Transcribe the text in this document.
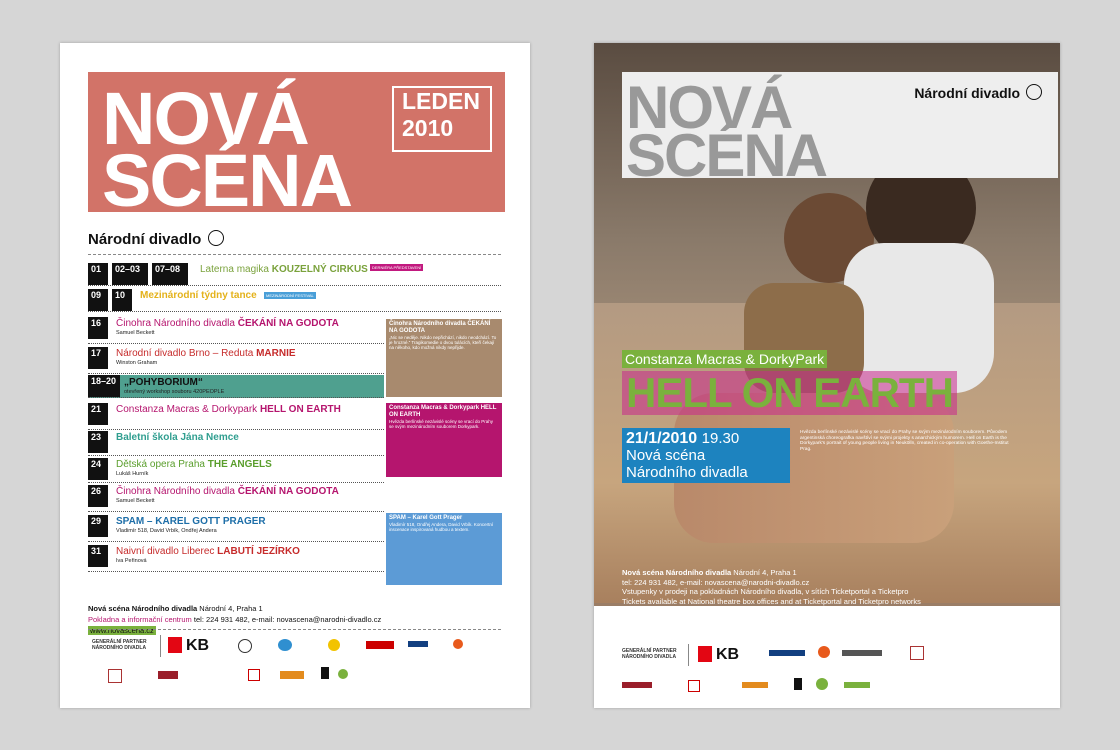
NOVÁ
SCÉNA
LEDEN
2010
Národní divadlo
01	02–03	07–08	Laterna magika KOUZELNÝ CIRKUS	DERNIÉRA PŘEDSTAVENÍ
09	10	Mezinárodní týdny tance	MEZINÁRODNÍ FESTIVAL
16	Činohra Národního divadla ČEKÁNÍ NA GODOTA
Samuel Beckett
17	Národní divadlo Brno – Reduta MARNIE
Winston Graham
18–20 „POHYBORIUM“
otevřený workshop souboru 420PEOPLE
21	Constanza Macras & Dorkypark HELL ON EARTH
23	Baletní škola Jána Nemce
24	Dětská opera Praha THE ANGELS
Lukáš Hurník
26	Činohra Národního divadla ČEKÁNÍ NA GODOTA
Samuel Beckett
29	SPAM – KAREL GOTT PRAGER
Vladimír 518, David Vrbík, Ondřej Andera
31	Naivní divadlo Liberec LABUTÍ JEZÍRKO
Iva Peřinová
Činohra Národního divadla ČEKÁNÍ NA GODOTA
„Nic se neděje. Nikdo nepřichází, nikdo neodchází. To je hrozné.“ Tragikomedie o dvou tulácích, kteří čekají na někoho, kdo možná nikdy nepřijde.
Constanza Macras & Dorkypark HELL ON EARTH
Hvězda berlínské nezávislé scény se vrací do Prahy se svým mezinárodním souborem Dorkypark.
SPAM – Karel Gott Prager
Vladimír 518, Ondřej Andera, David Vrbík. Koncertní inscenace inspirovaná hudbou a textem.
Nová scéna Národního divadla Národní 4, Praha 1
Pokladna a informační centrum tel: 224 931 482, e-mail: novascena@narodni-divadlo.cz
www.novascena.cz
GENERÁLNÍ PARTNER NÁRODNÍHO DIVADLA	KB
NOVÁ
SCÉNA
Národní divadlo
Constanza Macras & DorkyPark
HELL ON EARTH
21/1/2010 19.30
Nová scéna
Národního divadla
Hvězda berlínské nezávislé scény se vrací do Prahy se svým mezinárodním souborem. Původem argentinská choreografka navštíví se svými projekty s anarchickým humorem. Hell on Earth is the Dorkypark's portrait of young people living in Neukölln, created in co-operation with Goethe-Institut Prag.
Nová scéna Národního divadla Národní 4, Praha 1
tel: 224 931 482, e-mail: novascena@narodni-divadlo.cz
Vstupenky v prodeji na pokladnách Národního divadla, v sítích Ticketportal a Ticketpro
Tickets available at National theatre box offices and at Ticketportal and Ticketpro networks
GENERÁLNÍ PARTNER NÁRODNÍHO DIVADLA	KB
